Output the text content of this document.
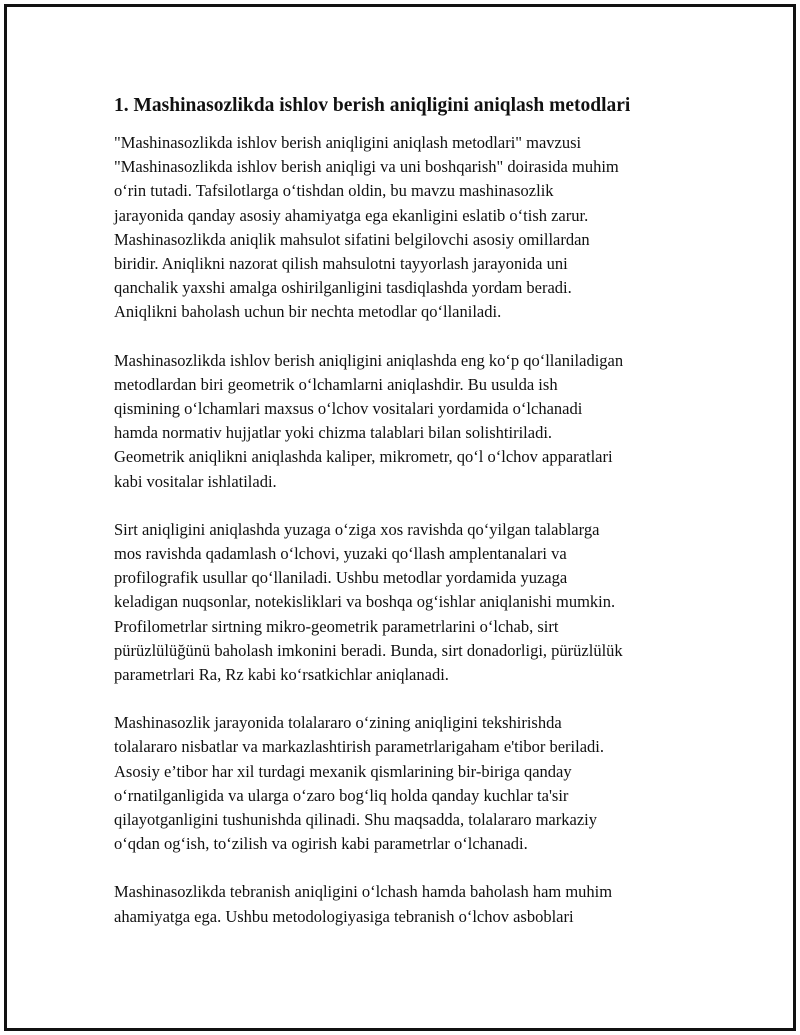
1. Mashinasozlikda ishlov berish aniqligini aniqlash metodlari
"Mashinasozlikda ishlov berish aniqligini aniqlash metodlari" mavzusi
"Mashinasozlikda ishlov berish aniqligi va uni boshqarish" doirasida muhim
o‘rin tutadi. Tafsilotlarga o‘tishdan oldin, bu mavzu mashinasozlik
jarayonida qanday asosiy ahamiyatga ega ekanligini eslatib o‘tish zarur.
Mashinasozlikda aniqlik mahsulot sifatini belgilovchi asosiy omillardan
biridir. Aniqlikni nazorat qilish mahsulotni tayyorlash jarayonida uni
qanchalik yaxshi amalga oshirilganligini tasdiqlashda yordam beradi.
Aniqlikni baholash uchun bir nechta metodlar qo‘llaniladi.
Mashinasozlikda ishlov berish aniqligini aniqlashda eng ko‘p qo‘llaniladigan
metodlardan biri geometrik o‘lchamlarni aniqlashdir. Bu usulda ish
qismining o‘lchamlari maxsus o‘lchov vositalari yordamida o‘lchanadi
hamda normativ hujjatlar yoki chizma talablari bilan solishtiriladi.
Geometrik aniqlikni aniqlashda kaliper, mikrometr, qo‘l o‘lchov apparatlari
kabi vositalar ishlatiladi.
Sirt aniqligini aniqlashda yuzaga o‘ziga xos ravishda qo‘yilgan talablarga
mos ravishda qadamlash o‘lchovi, yuzaki qo‘llash amplentanalari va
profilografik usullar qo‘llaniladi. Ushbu metodlar yordamida yuzaga
keladigan nuqsonlar, notekisliklari va boshqa og‘ishlar aniqlanishi mumkin.
Profilometrlar sirtning mikro-geometrik parametrlarini o‘lchab, sirt
pürüzlülüğünü baholash imkonini beradi. Bunda, sirt donadorligi, pürüzlülük
parametrlari Ra, Rz kabi ko‘rsatkichlar aniqlanadi.
Mashinasozlik jarayonida tolalararo o‘zining aniqligini tekshirishda
tolalararo nisbatlar va markazlashtirish parametrlarigaham e'tibor beriladi.
Asosiy e’tibor har xil turdagi mexanik qismlarining bir-biriga qanday
o‘rnatilganligida va ularga o‘zaro bog‘liq holda qanday kuchlar ta'sir
qilayotganligini tushunishda qilinadi. Shu maqsadda, tolalararo markaziy
o‘qdan og‘ish, to‘zilish va ogirish kabi parametrlar o‘lchanadi.
Mashinasozlikda tebranish aniqligini o‘lchash hamda baholash ham muhim
ahamiyatga ega. Ushbu metodologiyasiga tebranish o‘lchov asboblari
